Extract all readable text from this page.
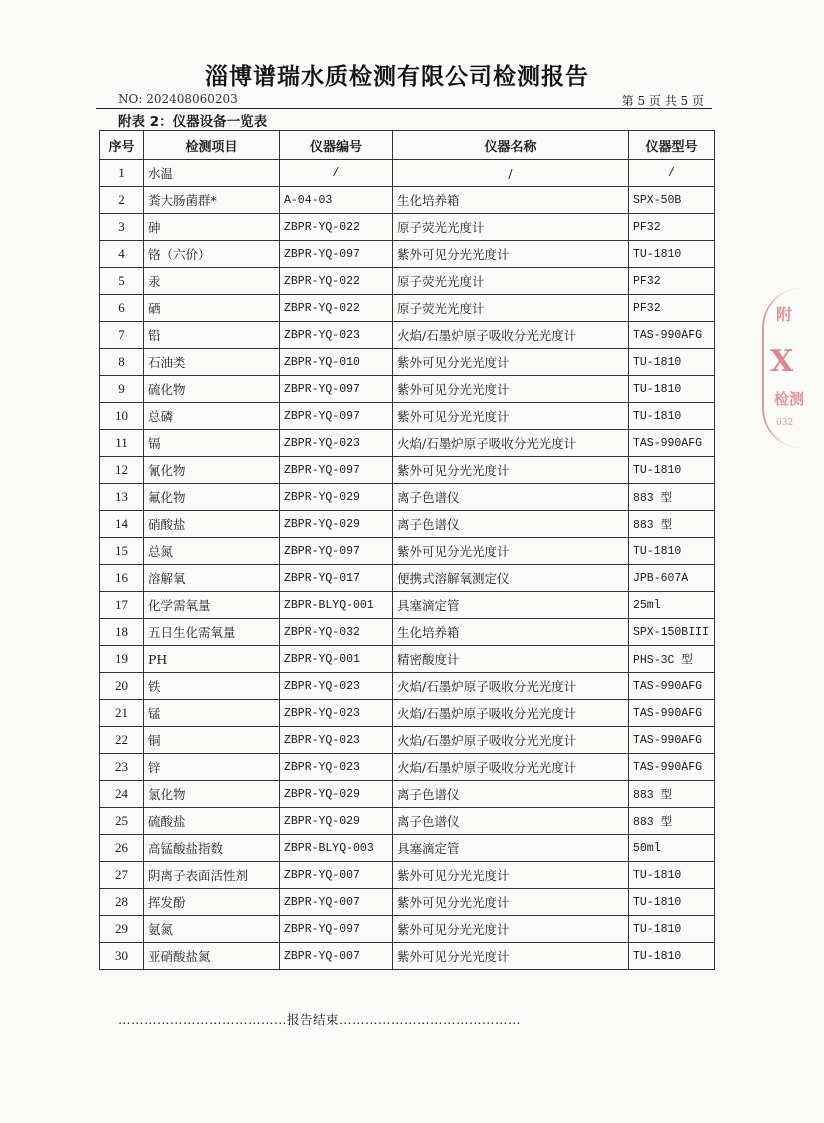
淄博谱瑞水质检测有限公司检测报告
NO: 202408060203	第 5 页 共 5 页
附表 2：仪器设备一览表
序号	检测项目	仪器编号	仪器名称	仪器型号
1	水温	/	/	/
2	粪大肠菌群*	A-04-03	生化培养箱	SPX-50B
3	砷	ZBPR-YQ-022	原子荧光光度计	PF32
4	铬（六价）	ZBPR-YQ-097	紫外可见分光光度计	TU-1810
5	汞	ZBPR-YQ-022	原子荧光光度计	PF32
6	硒	ZBPR-YQ-022	原子荧光光度计	PF32
7	铅	ZBPR-YQ-023	火焰/石墨炉原子吸收分光光度计	TAS-990AFG
8	石油类	ZBPR-YQ-010	紫外可见分光光度计	TU-1810
9	硫化物	ZBPR-YQ-097	紫外可见分光光度计	TU-1810
10	总磷	ZBPR-YQ-097	紫外可见分光光度计	TU-1810
11	镉	ZBPR-YQ-023	火焰/石墨炉原子吸收分光光度计	TAS-990AFG
12	氰化物	ZBPR-YQ-097	紫外可见分光光度计	TU-1810
13	氟化物	ZBPR-YQ-029	离子色谱仪	883 型
14	硝酸盐	ZBPR-YQ-029	离子色谱仪	883 型
15	总氮	ZBPR-YQ-097	紫外可见分光光度计	TU-1810
16	溶解氧	ZBPR-YQ-017	便携式溶解氧测定仪	JPB-607A
17	化学需氧量	ZBPR-BLYQ-001	具塞滴定管	25ml
18	五日生化需氧量	ZBPR-YQ-032	生化培养箱	SPX-150BIII
19	PH	ZBPR-YQ-001	精密酸度计	PHS-3C 型
20	铁	ZBPR-YQ-023	火焰/石墨炉原子吸收分光光度计	TAS-990AFG
21	锰	ZBPR-YQ-023	火焰/石墨炉原子吸收分光光度计	TAS-990AFG
22	铜	ZBPR-YQ-023	火焰/石墨炉原子吸收分光光度计	TAS-990AFG
23	锌	ZBPR-YQ-023	火焰/石墨炉原子吸收分光光度计	TAS-990AFG
24	氯化物	ZBPR-YQ-029	离子色谱仪	883 型
25	硫酸盐	ZBPR-YQ-029	离子色谱仪	883 型
26	高锰酸盐指数	ZBPR-BLYQ-003	具塞滴定管	50ml
27	阴离子表面活性剂	ZBPR-YQ-007	紫外可见分光光度计	TU-1810
28	挥发酚	ZBPR-YQ-007	紫外可见分光光度计	TU-1810
29	氨氮	ZBPR-YQ-097	紫外可见分光光度计	TU-1810
30	亚硝酸盐氮	ZBPR-YQ-007	紫外可见分光光度计	TU-1810
…………………………………报告结束……………………………………
附
X
检测
032
